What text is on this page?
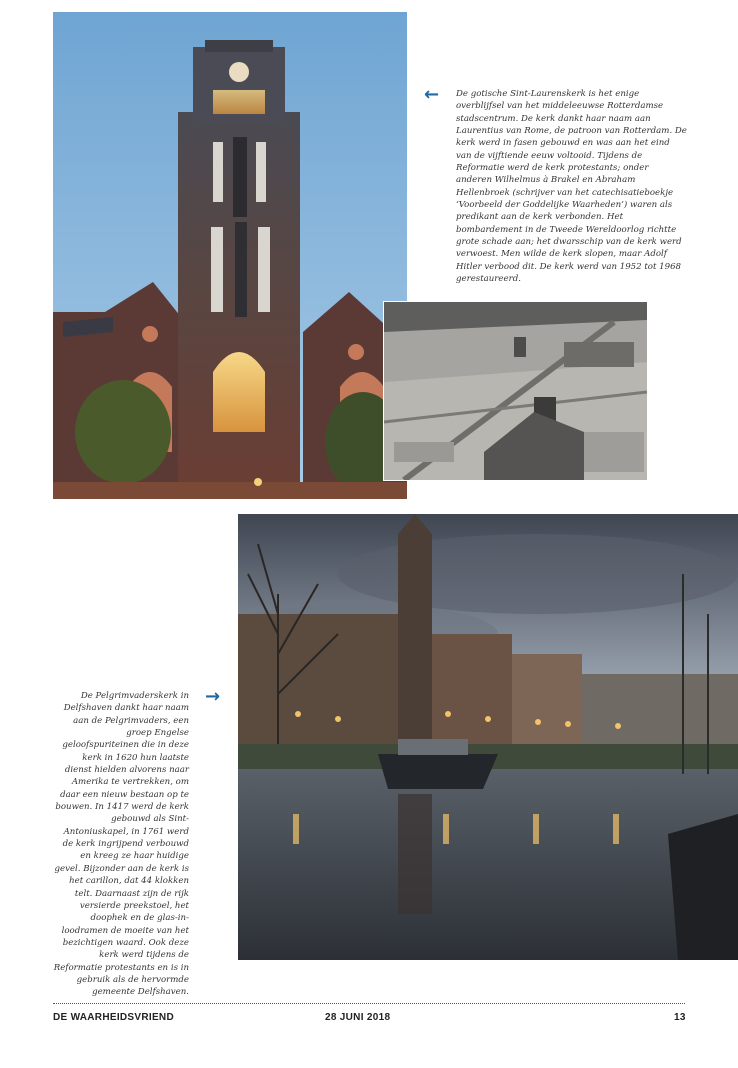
← De gotische Sint-Laurenskerk is het enige overblijfsel van het middeleeuwse Rotterdamse stadscentrum. De kerk dankt haar naam aan Laurentius van Rome, de patroon van Rotterdam. De kerk werd in fasen gebouwd en was aan het eind van de vijftiende eeuw voltooid. Tijdens de Reformatie werd de kerk protestants; onder anderen Wilhelmus à Brakel en Abraham Hellenbroek (schrijver van het catechisatieboekje ‘Voorbeeld der Goddelijke Waarheden’) waren als predikant aan de kerk verbonden. Het bombardement in de Tweede Wereldoorlog richtte grote schade aan; het dwarsschip van de kerk werd verwoest. Men wilde de kerk slopen, maar Adolf Hitler verbood dit. De kerk werd van 1952 tot 1968 gerestaureerd.

→

De Pelgrimvaderskerk in Delfshaven dankt haar naam aan de Pelgrimvaders, een groep Engelse geloofspuriteinen die in deze kerk in 1620 hun laatste dienst hielden alvorens naar Amerika te vertrekken, om daar een nieuw bestaan op te bouwen. In 1417 werd de kerk gebouwd als Sint-Antoniuskapel, in 1761 werd de kerk ingrijpend verbouwd en kreeg ze haar huidige gevel. Bijzonder aan de kerk is het carillon, dat 44 klokken telt. Daarnaast zijn de rijk versierde preekstoel, het doophek en de glas-in-loodramen de moeite van het bezichtigen waard. Ook deze kerk werd tijdens de Reformatie protestants en is in gebruik als de hervormde gemeente Delfshaven.

DE WAARHEIDSVRIEND	28 JUNI 2018	13
